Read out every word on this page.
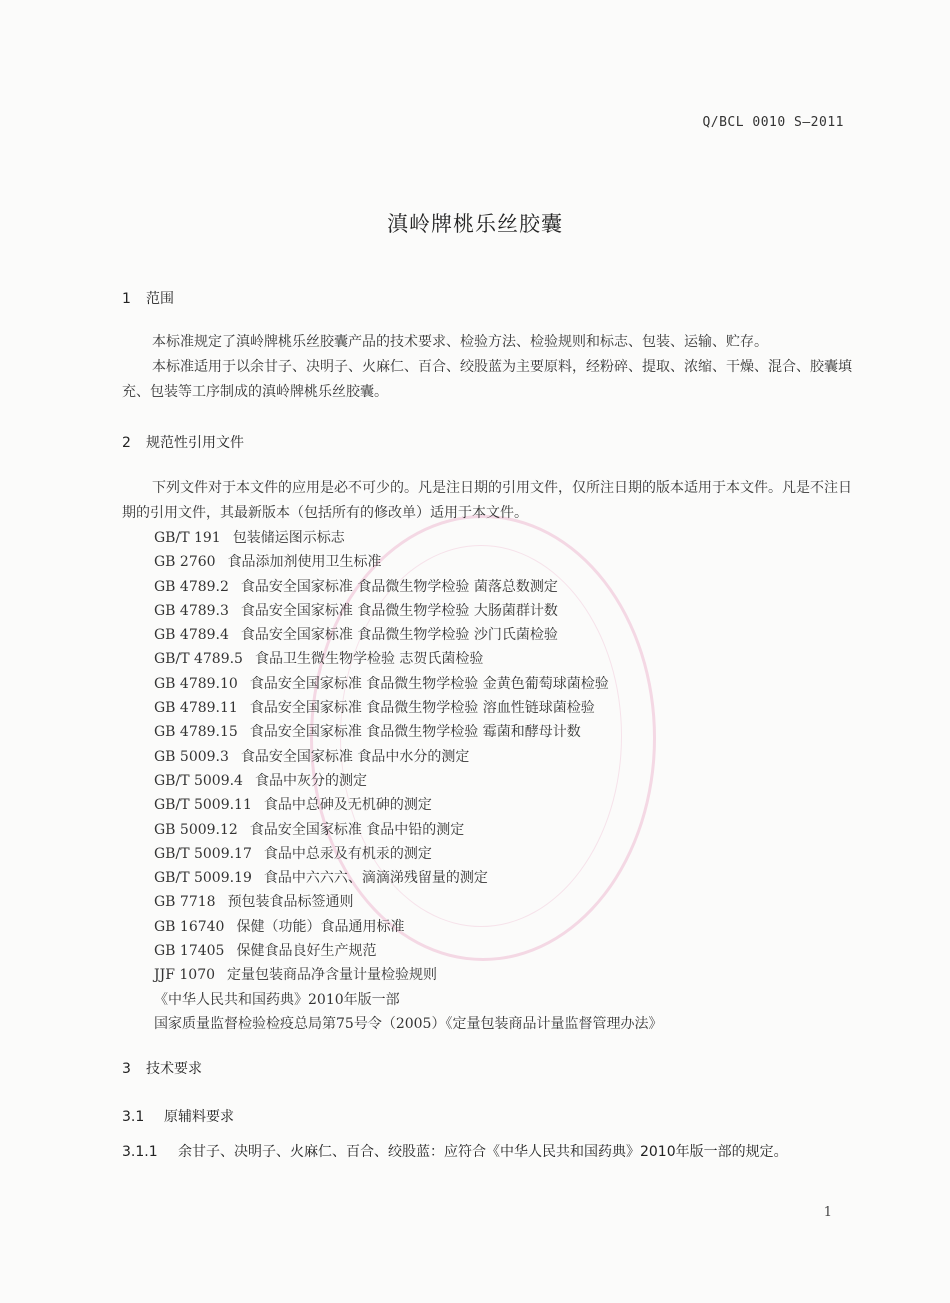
Q/BCL 0010 S—2011
滇岭牌桃乐丝胶囊
1 范围
本标准规定了滇岭牌桃乐丝胶囊产品的技术要求、检验方法、检验规则和标志、包装、运输、贮存。
本标准适用于以余甘子、决明子、火麻仁、百合、绞股蓝为主要原料，经粉碎、提取、浓缩、干燥、混合、胶囊填充、包装等工序制成的滇岭牌桃乐丝胶囊。
2 规范性引用文件
下列文件对于本文件的应用是必不可少的。凡是注日期的引用文件，仅所注日期的版本适用于本文件。凡是不注日期的引用文件，其最新版本（包括所有的修改单）适用于本文件。
GB/T 191 包装储运图示标志
GB 2760 食品添加剂使用卫生标准
GB 4789.2 食品安全国家标准 食品微生物学检验 菌落总数测定
GB 4789.3 食品安全国家标准 食品微生物学检验 大肠菌群计数
GB 4789.4 食品安全国家标准 食品微生物学检验 沙门氏菌检验
GB/T 4789.5 食品卫生微生物学检验 志贺氏菌检验
GB 4789.10 食品安全国家标准 食品微生物学检验 金黄色葡萄球菌检验
GB 4789.11 食品安全国家标准 食品微生物学检验 溶血性链球菌检验
GB 4789.15 食品安全国家标准 食品微生物学检验 霉菌和酵母计数
GB 5009.3 食品安全国家标准 食品中水分的测定
GB/T 5009.4 食品中灰分的测定
GB/T 5009.11 食品中总砷及无机砷的测定
GB 5009.12 食品安全国家标准 食品中铅的测定
GB/T 5009.17 食品中总汞及有机汞的测定
GB/T 5009.19 食品中六六六、滴滴涕残留量的测定
GB 7718 预包装食品标签通则
GB 16740 保健（功能）食品通用标准
GB 17405 保健食品良好生产规范
JJF 1070 定量包装商品净含量计量检验规则
《中华人民共和国药典》2010年版一部
国家质量监督检验检疫总局第75号令（2005）《定量包装商品计量监督管理办法》
3 技术要求
3.1 原辅料要求
3.1.1 余甘子、决明子、火麻仁、百合、绞股蓝：应符合《中华人民共和国药典》2010年版一部的规定。
1
